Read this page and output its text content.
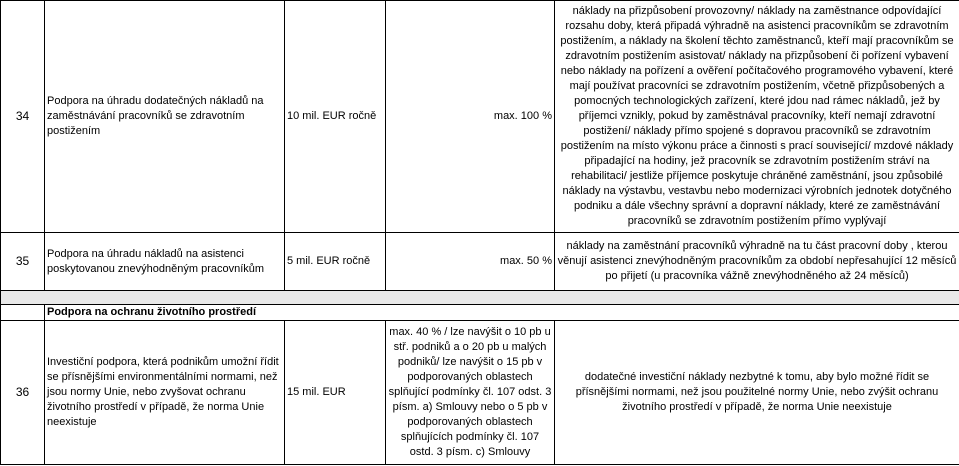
34	Podpora na úhradu dodatečných nákladů na zaměstnávání pracovníků se zdravotním postižením	10 mil. EUR ročně	max. 100 %	náklady na přizpůsobení provozovny/ náklady na zaměstnance odpovídající rozsahu doby, která připadá výhradně na asistenci pracovníkům se zdravotním postižením, a náklady na školení těchto zaměstnanců, kteří mají pracovníkům se zdravotním postižením asistovat/ náklady na přizpůsobení či pořízení vybavení nebo náklady na pořízení a ověření počítačového programového vybavení, které mají používat pracovníci se zdravotním postižením, včetně přizpůsobených a pomocných technologických zařízení, které jdou nad rámec nákladů, jež by příjemci vznikly, pokud by zaměstnával pracovníky, kteří nemají zdravotní postižení/ náklady přímo spojené s dopravou pracovníků se zdravotním postižením na místo výkonu práce a činnosti s prací související/ mzdové náklady připadající na hodiny, jež pracovník se zdravotním postižením stráví na rehabilitaci/ jestliže příjemce poskytuje chráněné zaměstnání, jsou způsobilé náklady na výstavbu, vestavbu nebo modernizaci výrobních jednotek dotyčného podniku a dále všechny správní a dopravní náklady, které ze zaměstnávání pracovníků se zdravotním postižením přímo vyplývají
35	Podpora na úhradu nákladů na asistenci poskytovanou znevýhodněným pracovníkům	5 mil. EUR ročně	max. 50 %	náklady na zaměstnání pracovníků výhradně na tu část pracovní doby , kterou věnují asistenci znevýhodněným pracovníkům za období nepřesahující 12 měsíců po přijetí (u pracovníka vážně znevýhodněného až 24 měsíců)

	Podpora na ochranu životního prostředí			
36	Investiční podpora, která podnikům umožní řídit se přísnějšími environmentálními normami, než jsou normy Unie, nebo zvyšovat ochranu životního prostředí v případě, že norma Unie neexistuje	15 mil. EUR	max. 40 % / lze navýšit o 10 pb u stř. podniků a o 20 pb u malých podniků/ lze navýšit o 15 pb v podporovaných oblastech splňující podmínky čl. 107 odst. 3 písm. a) Smlouvy nebo o 5 pb v podporovaných oblastech splňujících podmínky čl. 107 ostd. 3 písm. c) Smlouvy	dodatečné investiční náklady nezbytné k tomu, aby bylo možné řídit se přísnějšími normami, než jsou použitelné normy Unie, nebo zvýšit ochranu životního prostředí v případě, že norma Unie neexistuje
